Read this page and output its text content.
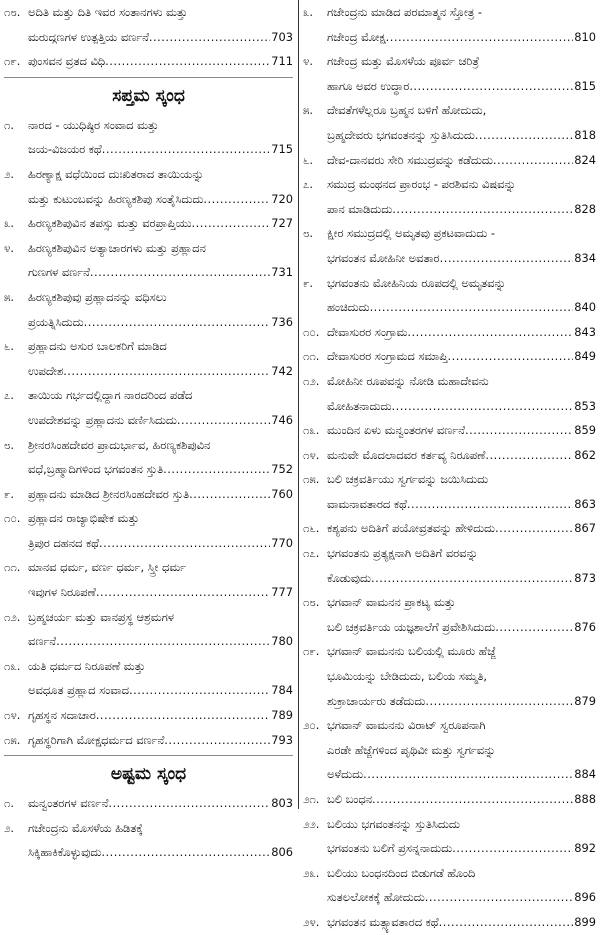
೧೮. ಅದಿತಿ ಮತ್ತು ದಿತಿ ಇವರ ಸಂತಾನಗಳು ಮತ್ತು
ಮರುದ್ಗಣಗಳ ಉತ್ಪತ್ತಿಯ ವರ್ಣನೆ .....	703
೧೯. ಪುಂಸವನ ವ್ರತದ ವಿಧಿ .....	711
ಸಪ್ತಮ ಸ್ಕಂಧ
೧.	ನಾರದ - ಯುಧಿಷ್ಠಿರ ಸಂವಾದ ಮತ್ತು
ಜಯ-ವಿಜಯರ ಕಥೆ .....	715
೨.	ಹಿರಣ್ಯಾಕ್ಷ ವಧೆಯಿಂದ ದುಃಖಿತರಾದ ತಾಯಿಯನ್ನು
ಮತ್ತು ಕುಟುಂಬವನ್ನು ಹಿರಣ್ಯಕಶಿಪು ಸಂತೈಸಿದುದು .....	720
೩.	ಹಿರಣ್ಯಕಶಿಪುವಿನ ತಪಸ್ಸು ಮತ್ತು ವರಪ್ರಾಪ್ತಿಯು .....	727
೪.	ಹಿರಣ್ಯಕಶಿಪುವಿನ ಅತ್ಯಾಚಾರಗಳು ಮತ್ತು ಪ್ರಹ್ಲಾದನ
ಗುಣಗಳ ವರ್ಣನೆ .....	731
೫.	ಹಿರಣ್ಯಕಶಿಪುವು ಪ್ರಹ್ಲಾದನನ್ನು ವಧಿಸಲು
ಪ್ರಯತ್ನಿಸಿದುದು .....	736
೬.	ಪ್ರಹ್ಲಾದನು ಅಸುರ ಬಾಲಕರಿಗೆ ಮಾಡಿದ
ಉಪದೇಶ .....	742
೭.	ತಾಯಿಯ ಗರ್ಭದಲ್ಲಿದ್ದಾಗ ನಾರದರಿಂದ ಪಡೆದ
ಉಪದೇಶವನ್ನು ಪ್ರಹ್ಲಾದನು ವರ್ಣಿಸಿದುದು .....	746
೮.	ಶ್ರೀನರಸಿಂಹದೇವರ ಪ್ರಾದುರ್ಭಾವ, ಹಿರಣ್ಯಕಶಿಪುವಿನ
ವಧೆ,ಬ್ರಹ್ಮಾದಿಗಳಿಂದ ಭಗವಂತನ ಸ್ತುತಿ .....	752
೯.	ಪ್ರಹ್ಲಾದನು ಮಾಡಿದ ಶ್ರೀನರಸಿಂಹದೇವರ ಸ್ತುತಿ .....	760
೧೦. ಪ್ರಹ್ಲಾದನ ರಾಜ್ಯಾಭಿಷೇಕ ಮತ್ತು
ತ್ರಿಪುರ ದಹನದ ಕಥೆ .....	770
೧೧. ಮಾನವ ಧರ್ಮ, ವರ್ಣ ಧರ್ಮ, ಸ್ತ್ರೀ ಧರ್ಮ
ಇವುಗಳ ನಿರೂಪಣೆ .....	777
೧೨. ಬ್ರಹ್ಮಚರ್ಯ ಮತ್ತು ವಾನಪ್ರಸ್ಥ ಆಶ್ರಮಗಳ
ವರ್ಣನೆ .....	780
೧೩. ಯತಿ ಧರ್ಮದ ನಿರೂಪಣೆ ಮತ್ತು
ಅವಧೂತ ಪ್ರಹ್ಲಾದ ಸಂವಾದ .....	784
೧೪. ಗೃಹಸ್ಥನ ಸದಾಚಾರ .....	789
೧೫. ಗೃಹಸ್ಥರಿಗಾಗಿ ಮೋಕ್ಷಧರ್ಮದ ವರ್ಣನೆ .....	793
ಅಷ್ಟಮ ಸ್ಕಂಧ
೧.	ಮನ್ವಂತರಗಳ ವರ್ಣನೆ .....	803
೨.	ಗಜೇಂದ್ರನು ಮೊಸಳೆಯ ಹಿಡಿತಕ್ಕೆ
ಸಿಕ್ಕಿಹಾಕಿಕೊಳ್ಳುವುದು .....	806
೩.	ಗಜೇಂದ್ರನು ಮಾಡಿದ ಪರಮಾತ್ಮನ ಸ್ತೋತ್ರ -
ಗಜೇಂದ್ರ ಮೋಕ್ಷ .....	810
೪.	ಗಜೇಂದ್ರ ಮತ್ತು ಮೊಸಳೆಯ ಪೂರ್ವ ಚರಿತ್ರೆ
ಹಾಗೂ ಅವರ ಉದ್ಧಾರ .....	815
೫.	ದೇವತೆಗಳೆಲ್ಲರೂ ಬ್ರಹ್ಮನ ಬಳಿಗೆ ಹೋದುದು,
ಬ್ರಹ್ಮದೇವರು ಭಗವಂತನನ್ನು ಸ್ತುತಿಸಿದುದು .....	818
೬.	ದೇವ-ದಾನವರು ಸೇರಿ ಸಮುದ್ರವನ್ನು ಕಡೆದುದು .....	824
೭.	ಸಮುದ್ರ ಮಂಥನದ ಪ್ರಾರಂಭ - ಪರಶಿವನು ವಿಷವನ್ನು
ಪಾನ ಮಾಡಿದುದು .....	828
೮.	ಕ್ಷೀರ ಸಮುದ್ರದಲ್ಲಿ ಅಮೃತವು ಪ್ರಕಟವಾದುದು -
ಭಗವಂತನ ಮೋಹಿನೀ ಅವತಾರ .....	834
೯.	ಭಗವಂತನು ಮೋಹಿನಿಯ ರೂಪದಲ್ಲಿ ಅಮೃತವನ್ನು
ಹಂಚಿದುದು .....	840
೧೦. ದೇವಾಸುರರ ಸಂಗ್ರಾಮ .....	843
೧೧. ದೇವಾಸುರರ ಸಂಗ್ರಾಮದ ಸಮಾಪ್ತಿ .....	849
೧೨. ಮೋಹಿನೀ ರೂಪವನ್ನು ನೋಡಿ ಮಹಾದೇವನು
ಮೋಹಿತನಾದುದು .....	853
೧೩. ಮುಂದಿನ ಏಳು ಮನ್ವಂತರಗಳ ವರ್ಣನೆ .....	859
೧೪. ಮನುವೇ ಮೊದಲಾದವರ ಕರ್ತವ್ಯ ನಿರೂಪಣೆ .....	862
೧೫. ಬಲಿ ಚಕ್ರವರ್ತಿಯು ಸ್ವರ್ಗವನ್ನು ಜಯಿಸಿದುದು
ವಾಮನಾವತಾರದ ಕಥೆ .....	863
೧೬. ಕಶ್ಯಪನು ಅದಿತಿಗೆ ಪಯೋವ್ರತವನ್ನು ಹೇಳಿದುದು .....	867
೧೭. ಭಗವಂತನು ಪ್ರತ್ಯಕ್ಷನಾಗಿ ಅದಿತಿಗೆ ವರವನ್ನು
ಕೊಡುವುದು .....	873
೧೮. ಭಗವಾನ್ ವಾಮನನ ಪ್ರಾಕಟ್ಯ ಮತ್ತು
ಬಲಿ ಚಕ್ರವರ್ತಿಯ ಯಜ್ಞಶಾಲೆಗೆ ಪ್ರವೇಶಿಸಿದುದು .....	876
೧೯. ಭಗವಾನ್ ವಾಮನನು ಬಲಿಯಲ್ಲಿ ಮೂರು ಹೆಜ್ಜೆ
ಭೂಮಿಯನ್ನು ಬೇಡಿದುದು, ಬಲಿಯ ಸಮ್ಮತಿ,
ಶುಕ್ರಾಚಾರ್ಯರು ತಡೆದುದು .....	879
೨೦. ಭಗವಾನ್ ವಾಮನನು ವಿರಾಟ್ ಸ್ವರೂಪನಾಗಿ
ಎರಡೇ ಹೆಜ್ಜೆಗಳಿಂದ ಪೃಥಿವೀ ಮತ್ತು ಸ್ವರ್ಗವನ್ನು
ಅಳೆದುದು .....	884
೨೧. ಬಲಿ ಬಂಧನ .....	888
೨೨. ಬಲಿಯು ಭಗವಂತನನ್ನು ಸ್ತುತಿಸಿದುದು
ಭಗವಂತನು ಬಲಿಗೆ ಪ್ರಸನ್ನನಾದುದು .....	892
೨೩. ಬಲಿಯು ಬಂಧನದಿಂದ ಬಿಡುಗಡೆ ಹೊಂದಿ
ಸುತಲಲೋಕಕ್ಕೆ ಹೋದುದು .....	896
೨೪. ಭಗವಂತನ ಮತ್ಸ್ಯಾವತಾರದ ಕಥೆ .....	899
